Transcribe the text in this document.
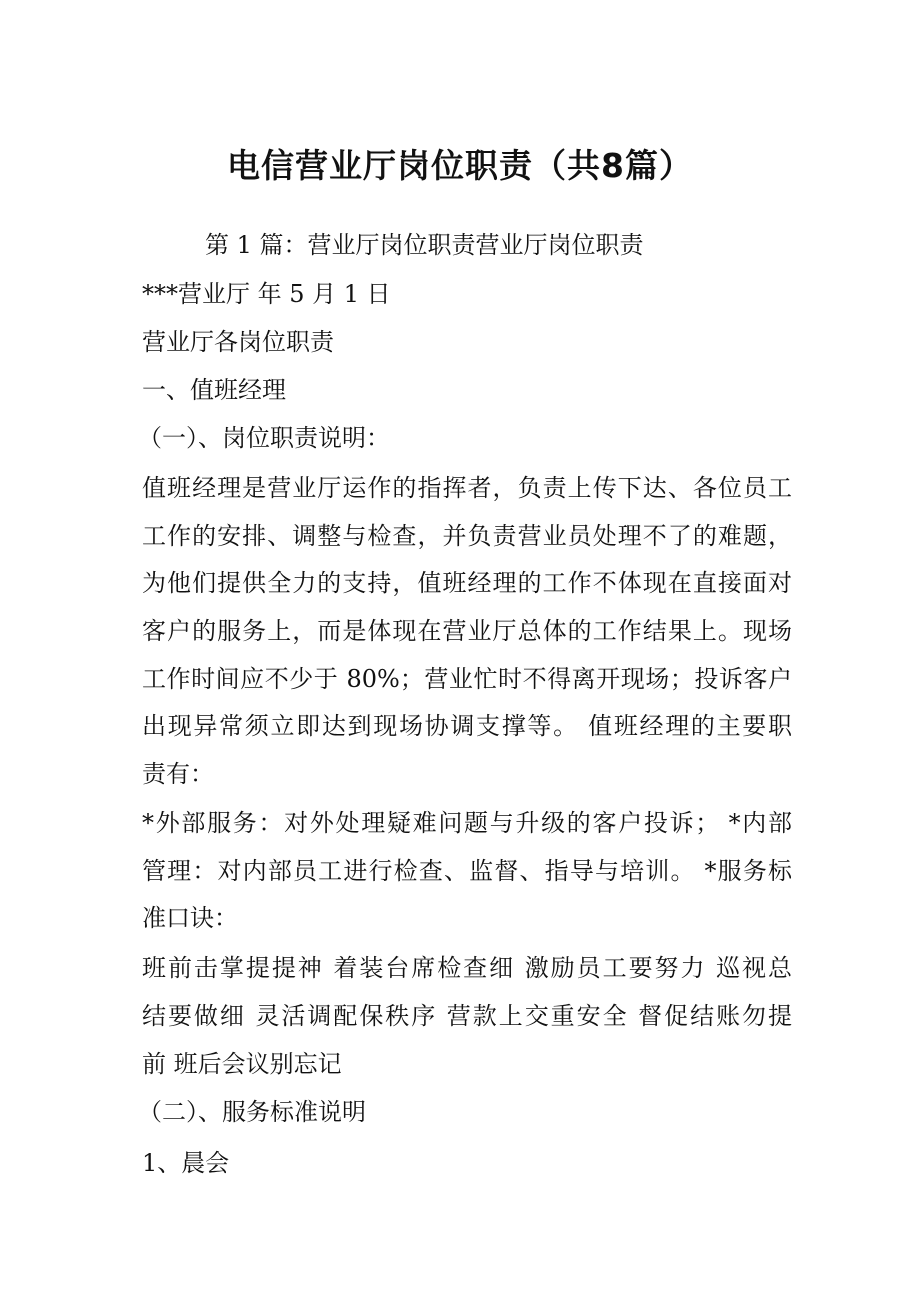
电信营业厅岗位职责（共8篇）

第 1 篇：营业厅岗位职责营业厅岗位职责

***营业厅 年 5 月 1 日

营业厅各岗位职责

一、值班经理

（一）、岗位职责说明：

值班经理是营业厅运作的指挥者，负责上传下达、各位员工

工作的安排、调整与检查，并负责营业员处理不了的难题，

为他们提供全力的支持，值班经理的工作不体现在直接面对

客户的服务上，而是体现在营业厅总体的工作结果上。现场

工作时间应不少于 80%；营业忙时不得离开现场；投诉客户

出现异常须立即达到现场协调支撑等。 值班经理的主要职

责有：

*外部服务：对外处理疑难问题与升级的客户投诉； *内部

管理：对内部员工进行检查、监督、指导与培训。 *服务标

准口诀：

班前击掌提提神 着装台席检查细 激励员工要努力 巡视总

结要做细 灵活调配保秩序 营款上交重安全 督促结账勿提

前 班后会议别忘记

（二）、服务标准说明

1、晨会
